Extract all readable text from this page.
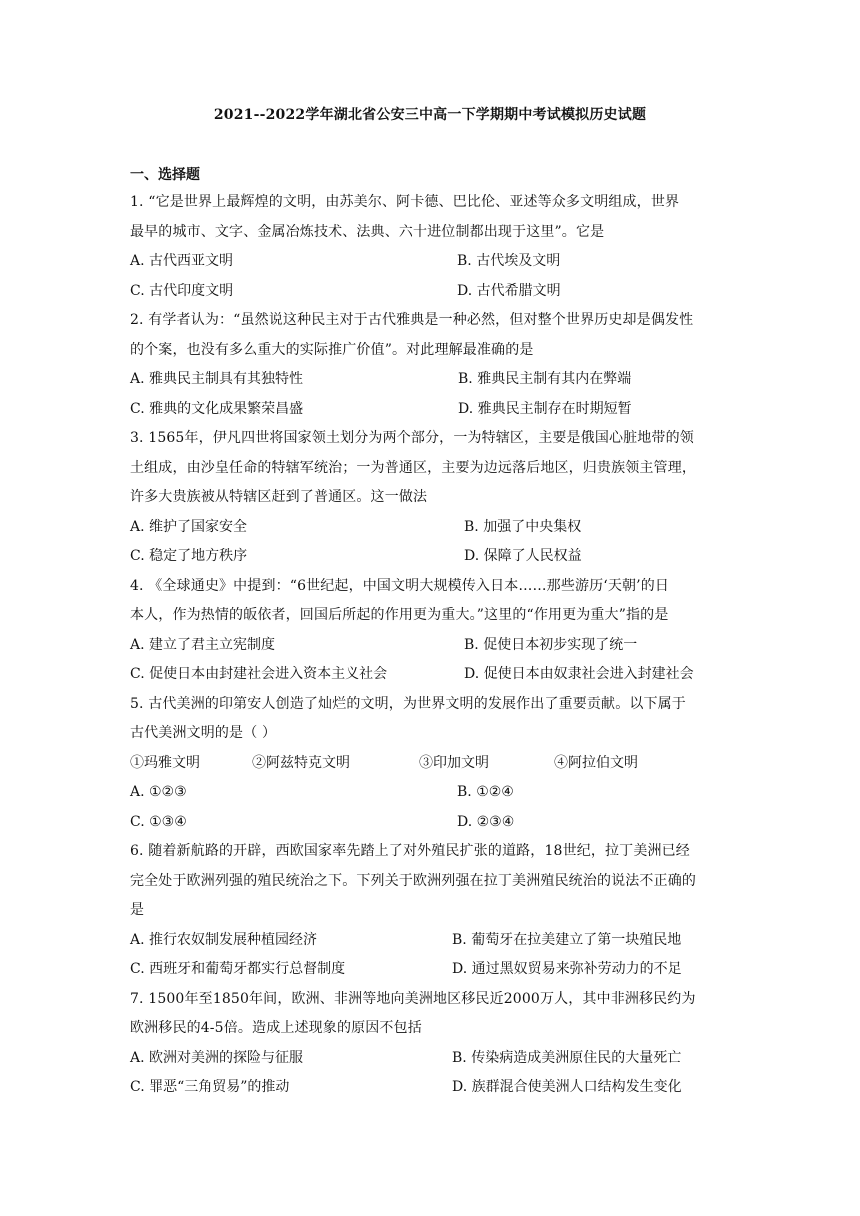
2021--2022学年湖北省公安三中高一下学期期中考试模拟历史试题
一、选择题
1. “它是世界上最辉煌的文明，由苏美尔、阿卡德、巴比伦、亚述等众多文明组成，世界
最早的城市、文字、金属冶炼技术、法典、六十进位制都出现于这里”。它是
A. 古代西亚文明	B. 古代埃及文明
C. 古代印度文明	D. 古代希腊文明
2. 有学者认为：“虽然说这种民主对于古代雅典是一种必然，但对整个世界历史却是偶发性
的个案，也没有多么重大的实际推广价值”。对此理解最准确的是
A. 雅典民主制具有其独特性	B. 雅典民主制有其内在弊端
C. 雅典的文化成果繁荣昌盛	D. 雅典民主制存在时期短暂
3. 1565年，伊凡四世将国家领土划分为两个部分，一为特辖区，主要是俄国心脏地带的领
土组成，由沙皇任命的特辖军统治；一为普通区，主要为边远落后地区，归贵族领主管理，
许多大贵族被从特辖区赶到了普通区。这一做法
A. 维护了国家安全	B. 加强了中央集权
C. 稳定了地方秩序	D. 保障了人民权益
4. 《全球通史》中提到：“6世纪起，中国文明大规模传入日本……那些游历‘天朝’的日
本人，作为热情的皈依者，回国后所起的作用更为重大。”这里的“作用更为重大”指的是
A. 建立了君主立宪制度	B. 促使日本初步实现了统一
C. 促使日本由封建社会进入资本主义社会	D. 促使日本由奴隶社会进入封建社会
5. 古代美洲的印第安人创造了灿烂的文明，为世界文明的发展作出了重要贡献。以下属于
古代美洲文明的是（ ）
①玛雅文明	②阿兹特克文明	③印加文明	④阿拉伯文明
A. ①②③	B. ①②④
C. ①③④	D. ②③④
6. 随着新航路的开辟，西欧国家率先踏上了对外殖民扩张的道路，18世纪，拉丁美洲已经
完全处于欧洲列强的殖民统治之下。下列关于欧洲列强在拉丁美洲殖民统治的说法不正确的
是
A. 推行农奴制发展种植园经济	B. 葡萄牙在拉美建立了第一块殖民地
C. 西班牙和葡萄牙都实行总督制度	D. 通过黑奴贸易来弥补劳动力的不足
7. 1500年至1850年间，欧洲、非洲等地向美洲地区移民近2000万人，其中非洲移民约为
欧洲移民的4-5倍。造成上述现象的原因不包括
A. 欧洲对美洲的探险与征服	B. 传染病造成美洲原住民的大量死亡
C. 罪恶“三角贸易”的推动	D. 族群混合使美洲人口结构发生变化
